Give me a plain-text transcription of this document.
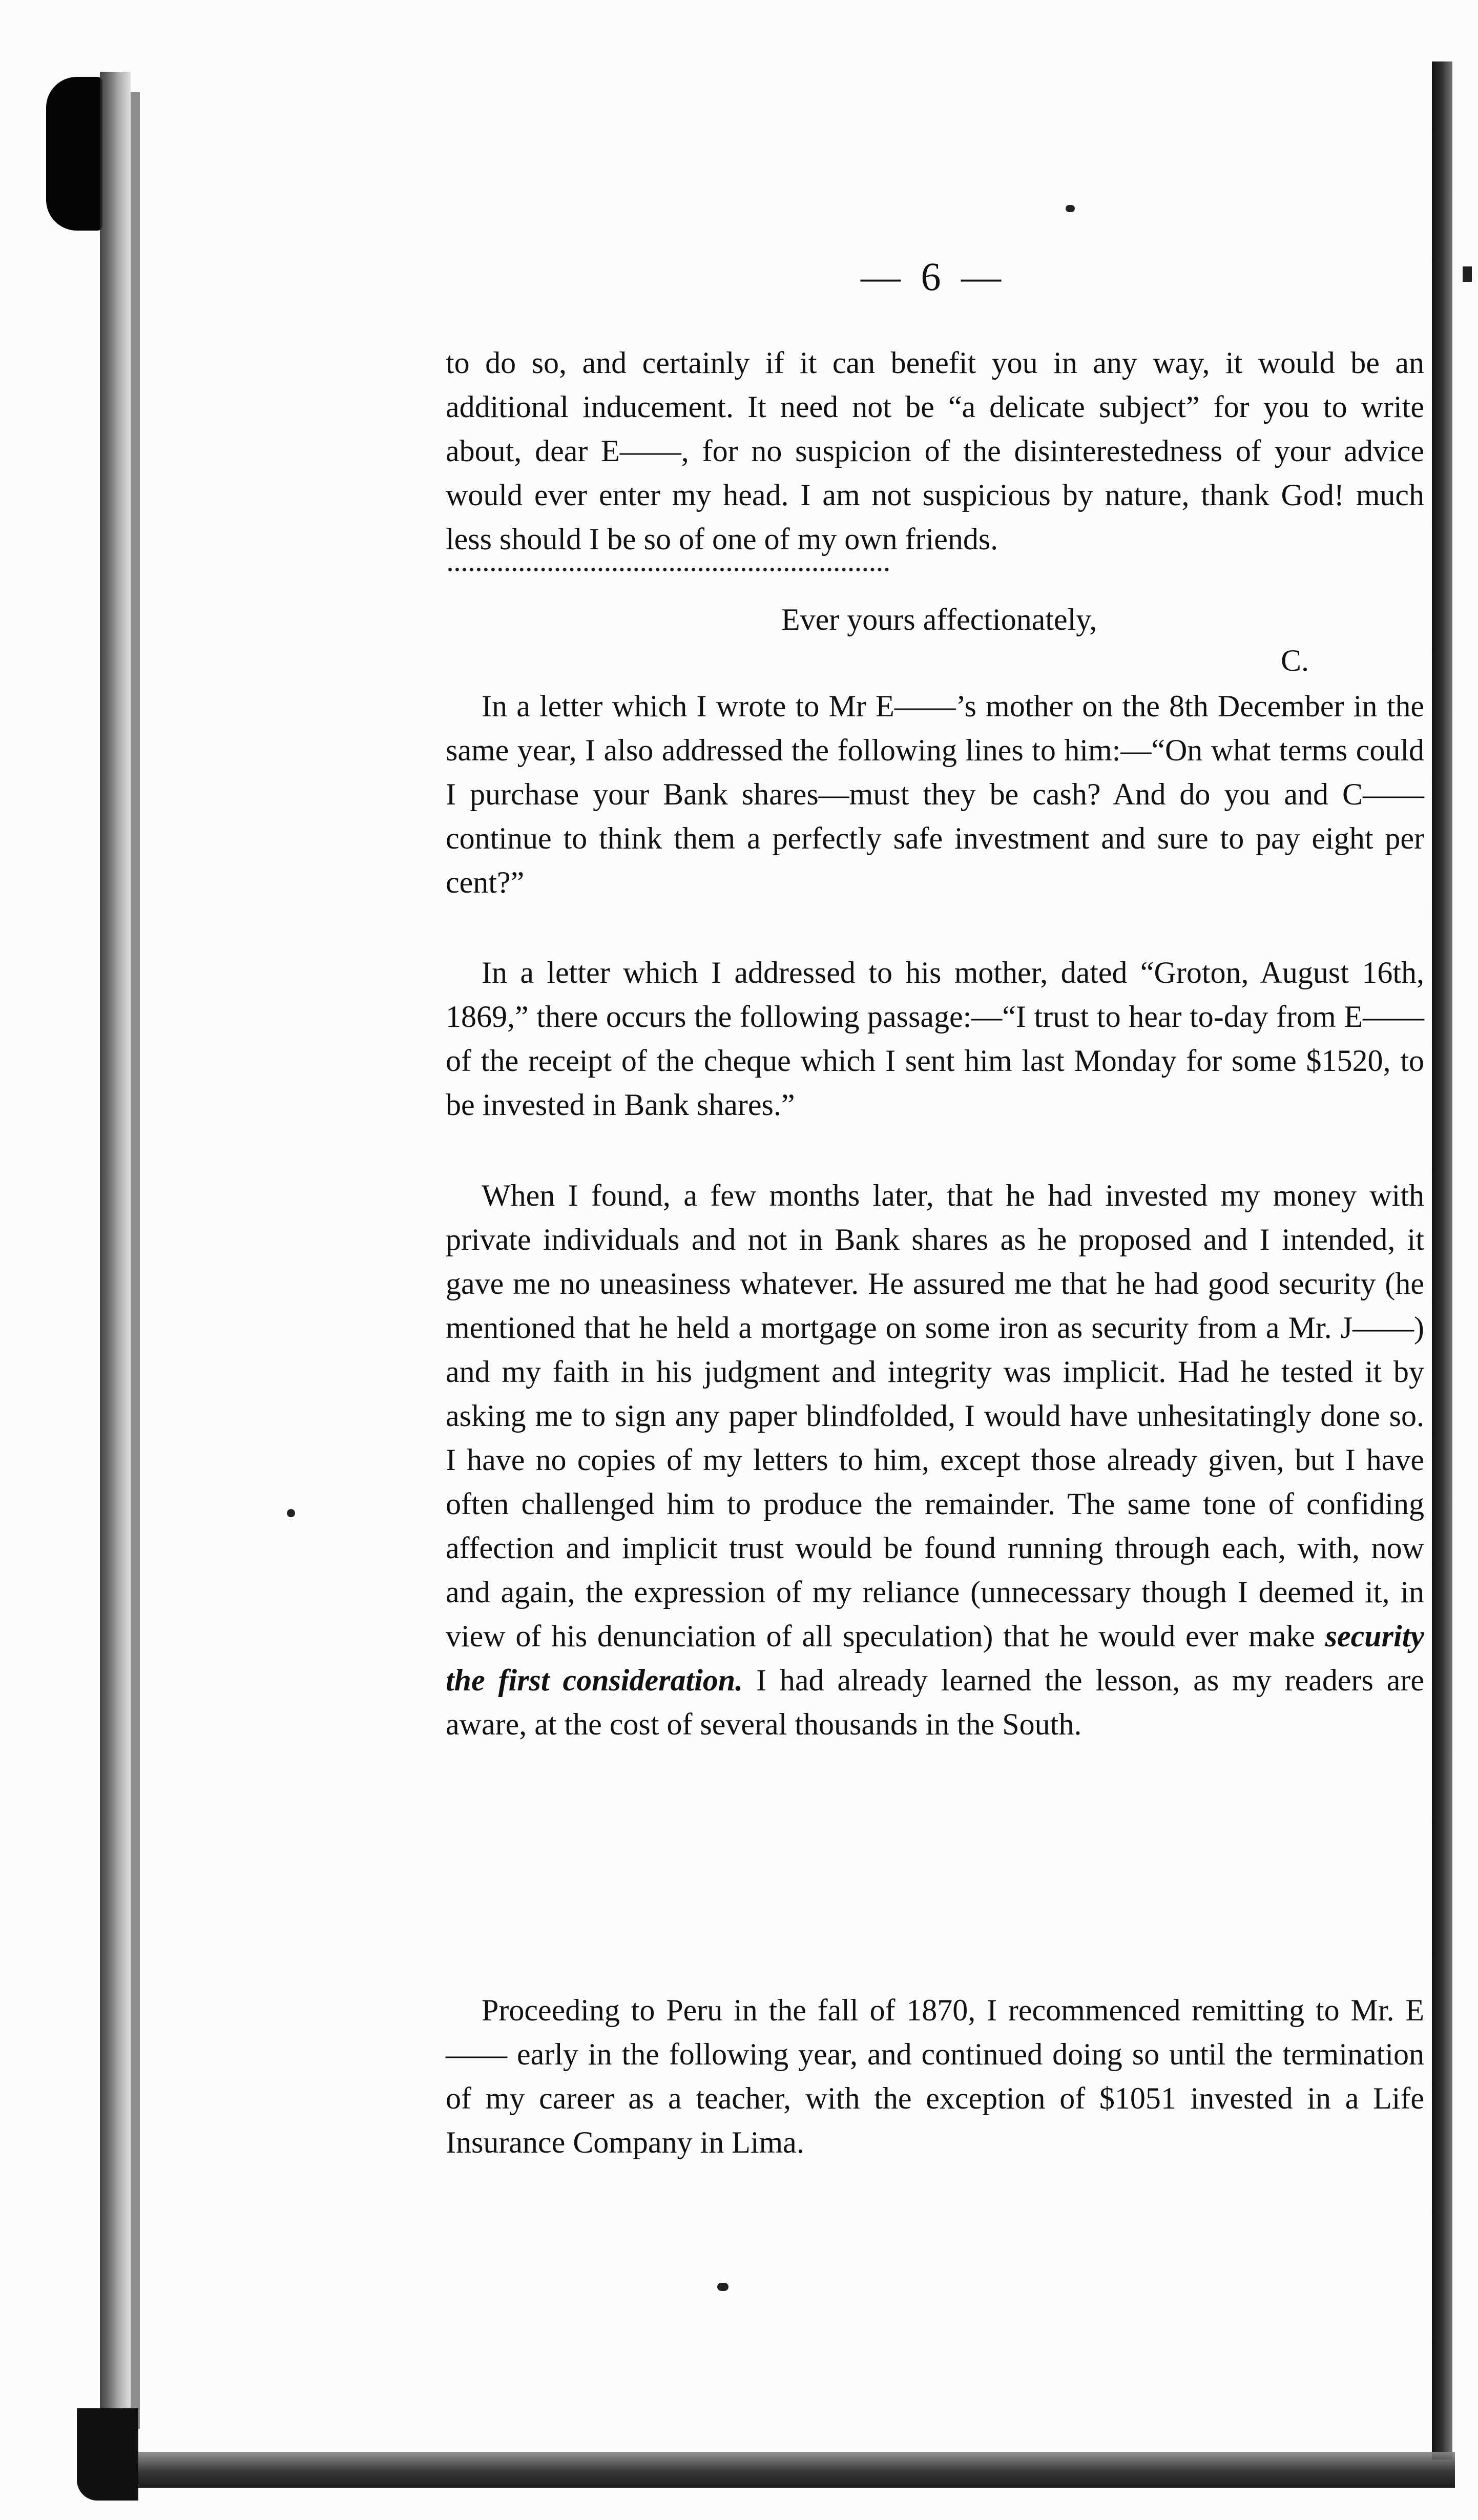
— 6 —

to do so, and certainly if it can benefit you in any way, it would be an additional inducement. It need not be “a delicate subject” for you to write about, dear E——, for no suspicion of the disinterestedness of your advice would ever enter my head. I am not suspicious by nature, thank God! much less should I be so of one of my own friends.

Ever yours affectionately,
C.

In a letter which I wrote to Mr E——’s mother on the 8th December in the same year, I also addressed the following lines to him:—“On what terms could I purchase your Bank shares—must they be cash? And do you and C—— continue to think them a perfectly safe investment and sure to pay eight per cent?”

In a letter which I addressed to his mother, dated “Groton, August 16th, 1869,” there occurs the following passage:—“I trust to hear to-day from E—— of the receipt of the cheque which I sent him last Monday for some $1520, to be invested in Bank shares.”

When I found, a few months later, that he had invested my money with private individuals and not in Bank shares as he proposed and I intended, it gave me no uneasiness whatever. He assured me that he had good security (he mentioned that he held a mortgage on some iron as security from a Mr. J——) and my faith in his judgment and integrity was implicit. Had he tested it by asking me to sign any paper blindfolded, I would have unhesitatingly done so. I have no copies of my letters to him, except those already given, but I have often challenged him to produce the remainder. The same tone of confiding affection and implicit trust would be found running through each, with, now and again, the expression of my reliance (unnecessary though I deemed it, in view of his denunciation of all speculation) that he would ever make security the first consideration. I had already learned the lesson, as my readers are aware, at the cost of several thousands in the South.

Proceeding to Peru in the fall of 1870, I recommenced remitting to Mr. E—— early in the following year, and continued doing so until the termination of my career as a teacher, with the exception of $1051 invested in a Life Insurance Company in Lima.
